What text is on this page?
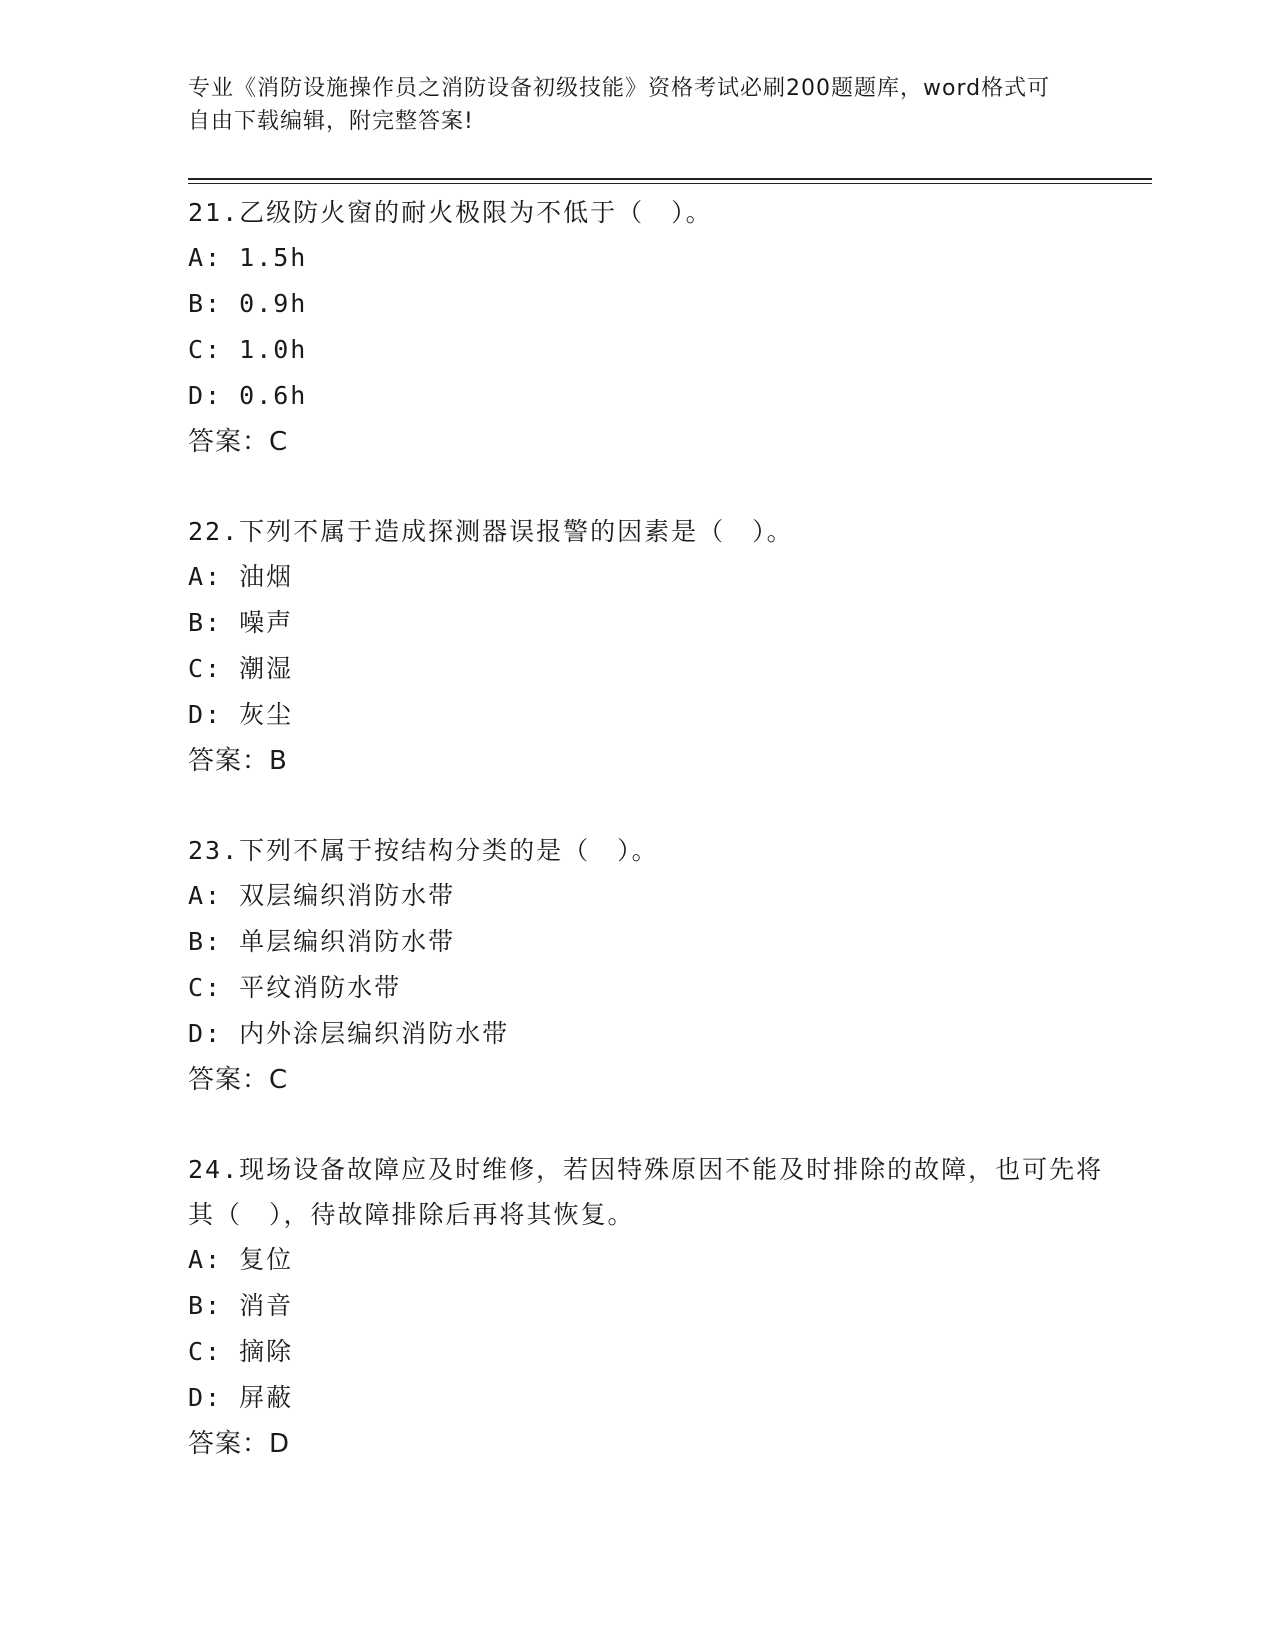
专业《消防设施操作员之消防设备初级技能》资格考试必刷200题题库，word格式可自由下载编辑，附完整答案!
21.乙级防火窗的耐火极限为不低于（　）。
A: 1.5h
B: 0.9h
C: 1.0h
D: 0.6h
答案：C
22.下列不属于造成探测器误报警的因素是（　）。
A: 油烟
B: 噪声
C: 潮湿
D: 灰尘
答案：B
23.下列不属于按结构分类的是（　）。
A: 双层编织消防水带
B: 单层编织消防水带
C: 平纹消防水带
D: 内外涂层编织消防水带
答案：C
24.现场设备故障应及时维修，若因特殊原因不能及时排除的故障，也可先将其（　），待故障排除后再将其恢复。
A: 复位
B: 消音
C: 摘除
D: 屏蔽
答案：D
